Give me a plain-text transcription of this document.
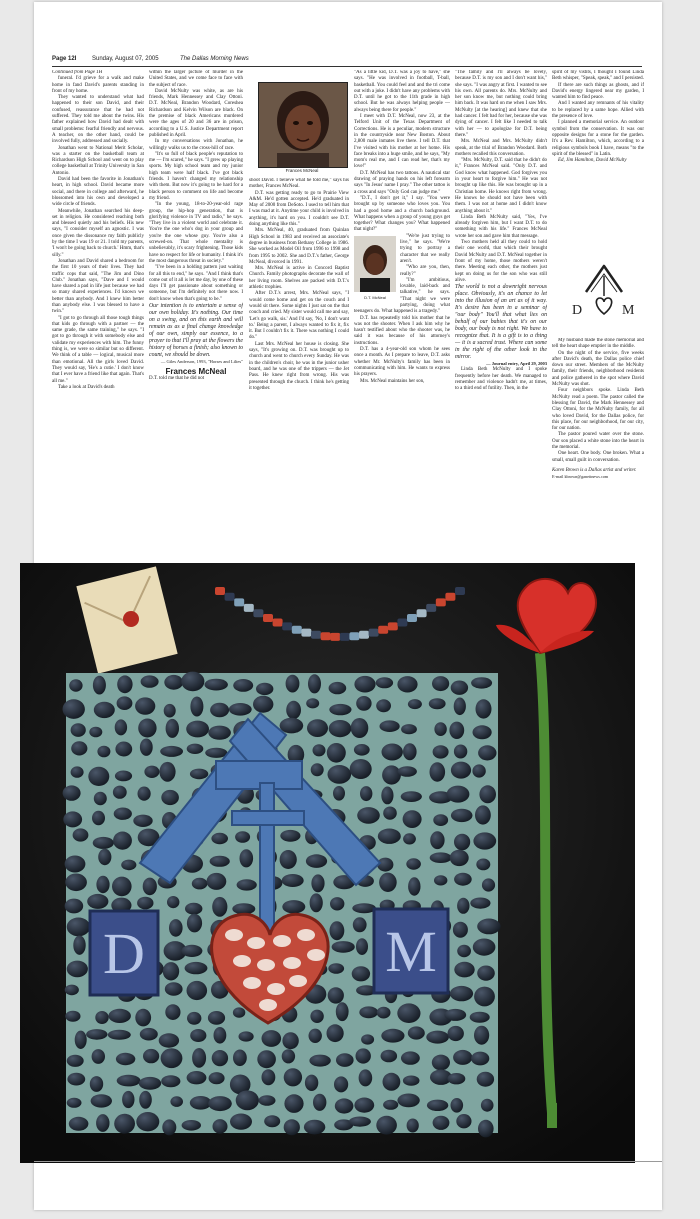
Page 12I	Sunday, August 07, 2005	The Dallas Morning News

Continued from Page 1H

funeral. I'd grieve for a walk and make home in fand David's parents standing in front of my home.

They wanted to understand what had happened to their son David, and their confused, reassurance that he had not suffered. They told me about the twins. His father explained how David had dealt with small problems: fearful friendly and nervous. A teacher, on the other hand, could be involved fully, addressed and socially.

Jonathan went to National Merit Scholar, was a starter on the basketball team at Richardson High School and went on to play college basketball at Trinity University in San Antonio.

David had been the favorite in Jonathan's heart, in high school. David became more social, and there in college and afterward, he blossomed into his own and developed a wide circle of friends.

Meanwhile, Jonathan searched his deep-set in religion. He considered reaching both and blessed quietly and his beliefs. His new says, "I consider myself an agnostic. I was once given the dissonance my faith publicly by the time I was 19 or 21. I told my parents, 'I won't be going back to church.' Hmm, that's silly."

Jonathan and David shared a bedroom for the first 10 years of their lives. They had traffic cops that said, "The Jim and Dino Club." Jonathan says, "Dave and I would have shared a pad in life just because we had so many shared experiences. I'd known we better than anybody. And I knew him better than anybody else. I was blessed to have a twin."

"I got to go through all those tough things that kids go through with a partner — the same grade, the same training," he says. "I got to go through it with somebody else and validate my experiences with him. The funny thing is, we were so similar but so different. We think of a table — logical, musical more than emotional. All the girls loved David. They would say, 'He's a cutie.' I don't know that I ever have a friend like that again. That's all me."

Take a look at David's death

within the larger picture of murder in the United States, and we come face to face with the subject of race.

David McNulty was white, as are his friends, Mark Hennessey and Clay Ottoni. D.T. McNeal, Brandon Woodard, Coreshea Richardson and Kelvin Wilson are black. On the premise of black Americans murdered were the ages of 20 and 36 are in prison, according to a U.S. Justice Department report published in April.

In my conversations with Jonathan, he willingly walks us to the cross-hill of race.

"It's so full of black people's reputation to me — I'm scared," he says. "I grew up playing sports. My high school team and my junior high team were half black. I've got black friends. I haven't changed my relationship with them. But now it's going to be hard for a black person to comment on life and become my friend.

"In the young, 18-to-20-year-old rage group, the hip-hop generation, that is glorifying violence in TV and radio," he says. "They live in a violent world and celebrate it. You're the one who's dog in your group and you're the one whose guy. You're also a screwed-on. That whole mentality is unbelievably, it's scary frightening. Those kids have no respect for life or humanity. I think it's the most dangerous threat in society."

"I've been in a holding pattern just waiting for all this to end," he says. "And I think that's come out of it all is let me day, by one of these days I'll get passionate about something or someone, but I'm definitely not there now. I don't know when that's going to be."

Our intention is to entertain a sense of our own holiday. It's nothing. Our time on a swing, and on this earth and will remain as as a final change knowledge of our own, simply our essence, to a prayer to that I'll pray at the flowers the history of horses a finish; also known to count, we should be down.

— Giles Anderson, 1993, "Horses and Lilies"

Frances McNeal

D.T. told me that he did not

Frances McNeal

shoot David. I believe what he told me," says his mother, Frances McNeal.

D.T. was getting ready to go to Prairie View A&M. He'd gotten accepted. He'd graduated in May of 2000 from DeSoto. I used to tell him that I was mad at it. Anytime your child is involved in anything, it's hard on you. I couldn't see D.T. doing anything like this."

Mrs. McNeal, 40, graduated from Quinlan High School in 1983 and received an associate's degree in business from Bethany College in 1986. She worked as Model Oil from 1996 to 1998 and from 1995 to 2002. She and D.T.'s father, George McNeal, divorced in 1991.

Mrs. McNeal is active in Concord Baptist Church. Family photographs decorate the wall of her living room. Shelves are packed with D.T.'s athletic trophies.

After D.T.'s arrest, Mrs. McNeal says, "I would come home and get on the couch and I would sit there. Some nights I just sat on the that couch and cried. My sister would call me and say, 'Let's go walk, sis.' And I'd say, 'No, I don't want to.' Being a parent, I always wanted to fix it, fix it. But I couldn't fix it. There was nothing I could do."

Last Mrs. McNeal her house is closing. She says, "It's growing on. D.T. was brought up to church and went to church every Sunday. He was in the children's choir, he was in the junior usher board, and he was one of the trippers — the Jet Pass. He knew right from wrong. His was presented through the church. I think he's getting it together.

"As a little kid, D.T. was a joy to have," she says. "He was involved in football, T-ball, basketball. You could feel and and the tri come out with a joke. I didn't have any problems with D.T. until he got to the 11th grade in high school. But he was always helping people — always being there for people."

I meet with D.T. McNeal, now 23, at the Telford Unit of the Texas Department of Corrections. He is a peculiar, modern structure in the countryside near New Boston. About 2,800 male inmates live there. I tell D.T. that I've visited with his mother at her home. His face breaks into a huge smile, and he says, "My mom's real me, and I can read her, that's my love!"

D.T. McNeal has two tattoos. A nautical star drawing of praying hands on his left forearm says "In Jesus' name I pray." The other tattoo is a cross and says "Only God can judge me."

"D.T., I don't get it," I say. "You were brought up by someone who loves you. You had a good home and a church background. What happens when a group of young guys get together? What changes you? What happened that night?"

D.T. McNeal

"We're just trying to live," he says. "We're trying to portray a character that we really aren't.

"Who are you, then, really?"

"I'm ambitious, lovable, laid-back and talkative," he says. "That night we were partying, doing what teenagers do. What happened is a tragedy."

D.T. has repeatedly told his mother that he was not the shooter. When I ask him why he hasn't testified about who the shooter was, he said it was because of his attorney's instructions.

D.T. has a 4-year-old son whom he sees once a month. As I prepare to leave, D.T. asks whether Mr. McNulty's family has been in communicating with him. He wants to express his prayers.

Mrs. McNeal maintains her son,

"The family and I'll always be lovely, because D.T. is my son and I don't want his," she says. "I was angry at first. I wanted to see his own. All parents do. Mrs. McNulty and her son know me, but nothing could bring him back. It was hard on me when I saw Mrs. McNulty [at the hearing] and knew that she had cancer. I felt bad for her, because she was dying of cancer. I felt like I needed to talk with her — to apologize for D.T. being there."

Mrs. McNeal and Mrs. McNulty didn't speak, at the trial of Brandon Woodard. Both mothers recalled this conversation.

"Mrs. McNulty, D.T. said that he didn't do it," Frances McNeal said. "Only D.T. and God know what happened. God forgives you in your heart to forgive him." He was not brought up like this. He was brought up in a Christian home. He knows right from wrong. He knows he should not have been with them. I was not at home and I didn't know anything about it."

Linda Beth McNulty said, "Yes, I've already forgiven him, but I want D.T. to do something with his life." Frances McNeal wrote her son and gave him that message.

Two mothers held all they could to hold their one world, that which their brought David McNulty and D.T. McNeal together in front of my home, those mothers weren't there. Meeting each other, the mothers just kept on doing us for the son who was still alive.

The world is not a downright nervous place. Obviously, it's an chance to let into the illusion of an art as of it way. It's desire has been in a seminar of "our body" You'll that what lies on behalf of our babies that it's on our body, our body is not right. We have to recognize that. It is a gift is to a thing — it is a sacred trust. Where can some in the right of the other look in the mirror.

— Journal entry, April 29, 2003

Linda Beth McNulty and I spoke frequently before her death. We managed to remember and violence hadn't me, at times, to a third end of futility. Then, in the

spirit of my vistits, I thought I found Linda Beth whisper, "Speak, speak," and I persisted.

If there are such things as ghosts, and if David's energy lingered near my garden, I wanted him to find peace.

And I wanted any remnants of his vitality to be replaced by a same hope. Allied with the presence of love.

I planned a memorial service. An outdoor symbol from the conservation. It was our opposite designs for a stone for the garden. It's a Rev. Hamilton, which, according to a religious symbols book I have, means "to the spirit of the blessed" in Latin.

Ed, Jim Hamilton, David McNulty

D	M

My husband made the stone memorial and tell the heart shape emptier in the middle.

On the night of the service, five weeks after David's death, the Dallas police chief down our street. Members of the McNulty family, their friends, neighborhood residents and police gathered in the spot where David McNulty was shot.

Four neighbors spoke. Linda Beth McNulty read a poem. The pastor called the blessing for David, the Mark Hennessey and Clay Ottoni, for the McNulty family, for all who loved David, for the Dallas police, for this place, for our neighborhood, for our city, for our nation.

The pastor poured water over the stone. Our son placed a white stone into the heart in the memorial.

One heart. One body. One broken. What a small, small guilt in conversation.

Karen Brown is a Dallas artist and writer.

E-mail kbrown@ganettnews.com

D	M
